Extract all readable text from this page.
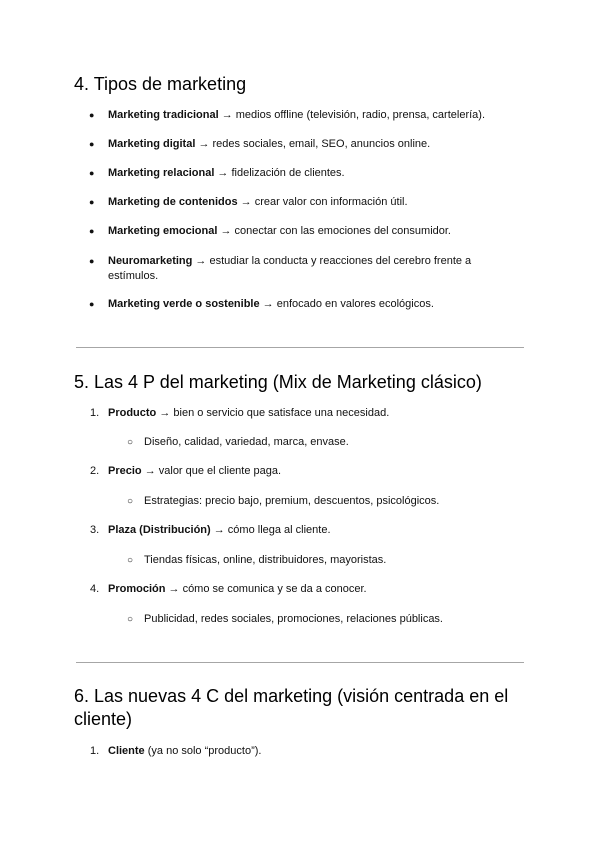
4. Tipos de marketing
● Marketing tradicional → medios offline (televisión, radio, prensa, cartelería).
● Marketing digital → redes sociales, email, SEO, anuncios online.
● Marketing relacional → fidelización de clientes.
● Marketing de contenidos → crear valor con información útil.
● Marketing emocional → conectar con las emociones del consumidor.
● Neuromarketing → estudiar la conducta y reacciones del cerebro frente a estímulos.
● Marketing verde o sostenible → enfocado en valores ecológicos.
5. Las 4 P del marketing (Mix de Marketing clásico)
1. Producto → bien o servicio que satisface una necesidad.
○ Diseño, calidad, variedad, marca, envase.
2. Precio → valor que el cliente paga.
○ Estrategias: precio bajo, premium, descuentos, psicológicos.
3. Plaza (Distribución) → cómo llega al cliente.
○ Tiendas físicas, online, distribuidores, mayoristas.
4. Promoción → cómo se comunica y se da a conocer.
○ Publicidad, redes sociales, promociones, relaciones públicas.
6. Las nuevas 4 C del marketing (visión centrada en el cliente)
1. Cliente (ya no solo “producto”).
